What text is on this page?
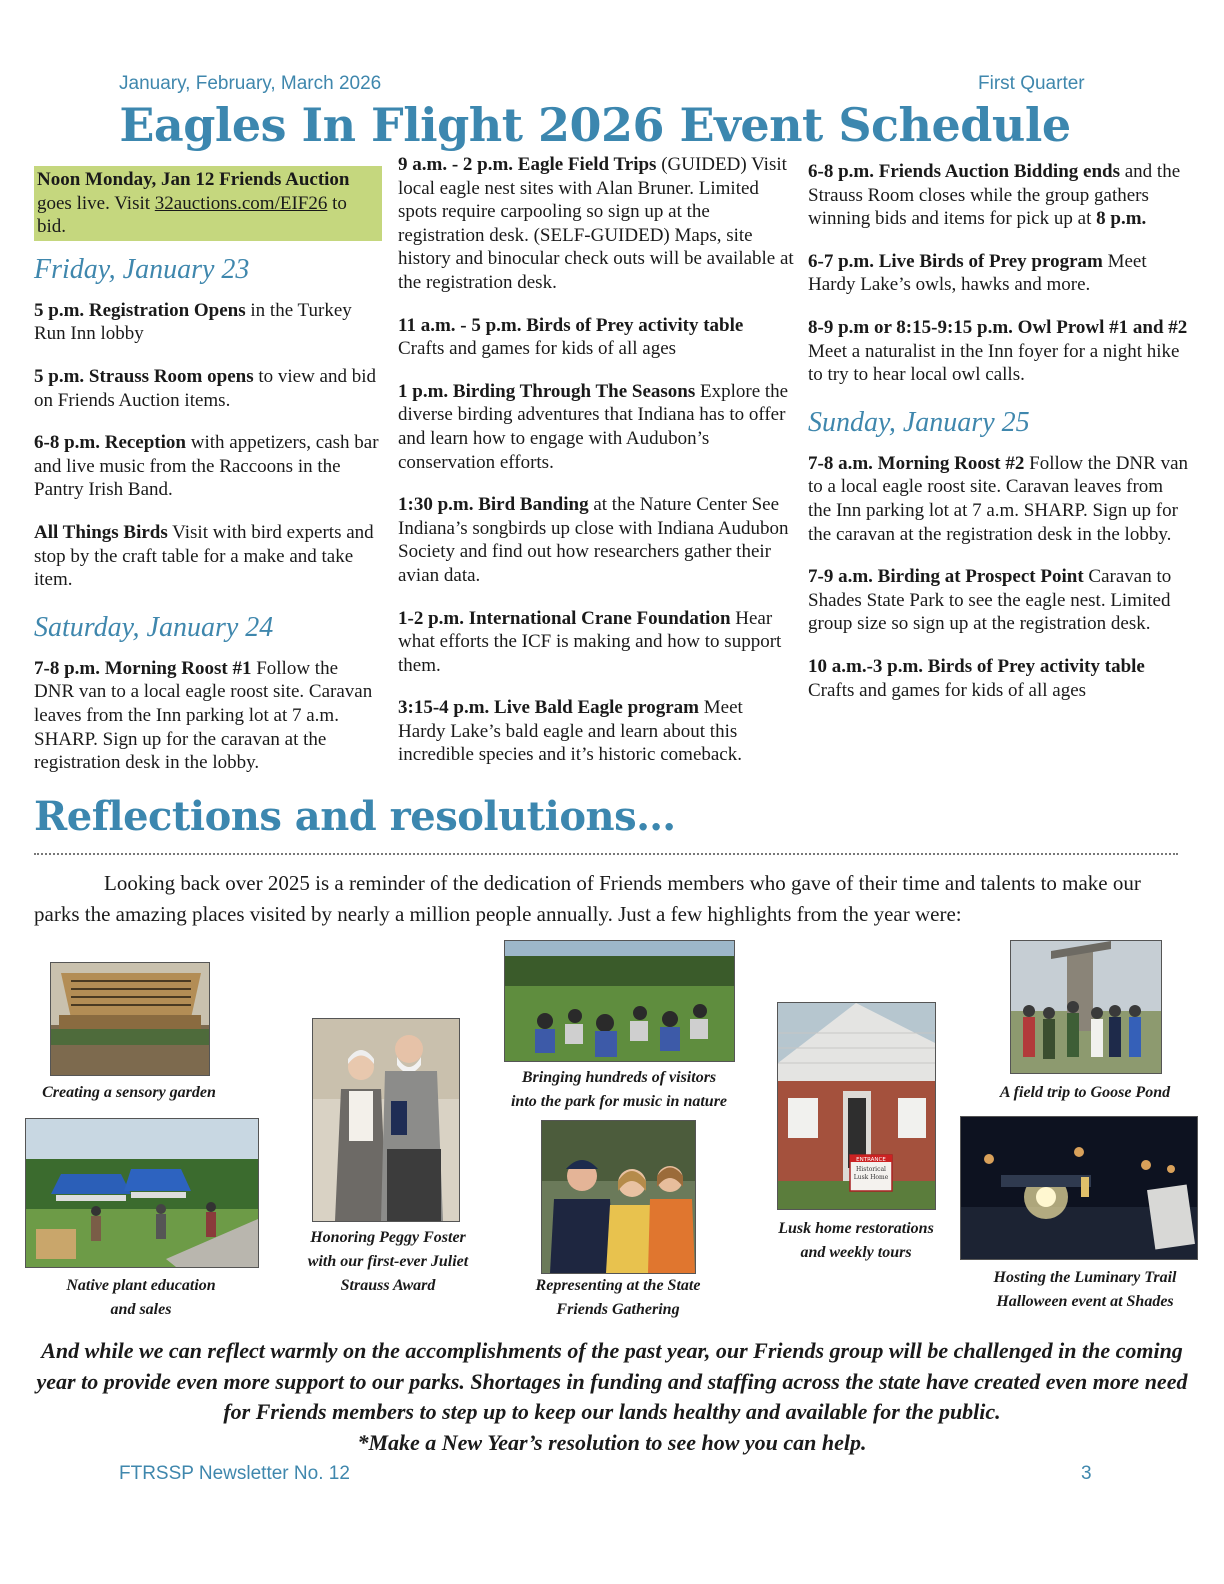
January, February, March 2026	First Quarter
Eagles In Flight 2026 Event Schedule

Noon Monday, Jan 12 Friends Auction goes live. Visit 32auctions.com/EIF26 to bid.

Friday, January 23

5 p.m. Registration Opens in the Turkey Run Inn lobby

5 p.m. Strauss Room opens to view and bid on Friends Auction items.

6-8 p.m. Reception with appetizers, cash bar and live music from the Raccoons in the Pantry Irish Band.

All Things Birds Visit with bird experts and stop by the craft table for a make and take item.

Saturday, January 24

7-8 p.m. Morning Roost #1 Follow the DNR van to a local eagle roost site. Caravan leaves from the Inn parking lot at 7 a.m. SHARP. Sign up for the caravan at the registration desk in the lobby.

9 a.m. - 2 p.m. Eagle Field Trips (GUIDED) Visit local eagle nest sites with Alan Bruner. Limited spots require carpooling so sign up at the registration desk. (SELF-GUIDED) Maps, site history and binocular check outs will be available at the registration desk.

11 a.m. - 5 p.m. Birds of Prey activity table Crafts and games for kids of all ages

1 p.m. Birding Through The Seasons Explore the diverse birding adventures that Indiana has to offer and learn how to engage with Audubon’s conservation efforts.

1:30 p.m. Bird Banding at the Nature Center See Indiana’s songbirds up close with Indiana Audubon Society and find out how researchers gather their avian data.

1-2 p.m. International Crane Foundation Hear what efforts the ICF is making and how to support them.

3:15-4 p.m. Live Bald Eagle program Meet Hardy Lake’s bald eagle and learn about this incredible species and it’s historic comeback.

6-8 p.m. Friends Auction Bidding ends and the Strauss Room closes while the group gathers winning bids and items for pick up at 8 p.m.

6-7 p.m. Live Birds of Prey program Meet Hardy Lake’s owls, hawks and more.

8-9 p.m or 8:15-9:15 p.m. Owl Prowl #1 and #2 Meet a naturalist in the Inn foyer for a night hike to try to hear local owl calls.

Sunday, January 25

7-8 a.m. Morning Roost #2 Follow the DNR van to a local eagle roost site. Caravan leaves from the Inn parking lot at 7 a.m. SHARP. Sign up for the caravan at the registration desk in the lobby.

7-9 a.m. Birding at Prospect Point Caravan to Shades State Park to see the eagle nest. Limited group size so sign up at the registration desk.

10 a.m.-3 p.m. Birds of Prey activity table Crafts and games for kids of all ages

Reflections and resolutions…
Looking back over 2025 is a reminder of the dedication of Friends members who gave of their time and talents to make our parks the amazing places visited by nearly a million people annually. Just a few highlights from the year were:
Creating a sensory garden
Native plant education
and sales
Honoring Peggy Foster
with our first-ever Juliet
Strauss Award
Bringing hundreds of visitors
into the park for music in nature
Representing at the State
Friends Gathering
ENTRANCE
Historical
Lusk Home
Lusk home restorations
and weekly tours
A field trip to Goose Pond
Hosting the Luminary Trail
Halloween event at Shades
And while we can reflect warmly on the accomplishments of the past year, our Friends group will be challenged in the coming year to provide even more support to our parks. Shortages in funding and staffing across the state have created even more need for Friends members to step up to keep our lands healthy and available for the public.
*Make a New Year’s resolution to see how you can help.
FTRSSP Newsletter No. 12	3
